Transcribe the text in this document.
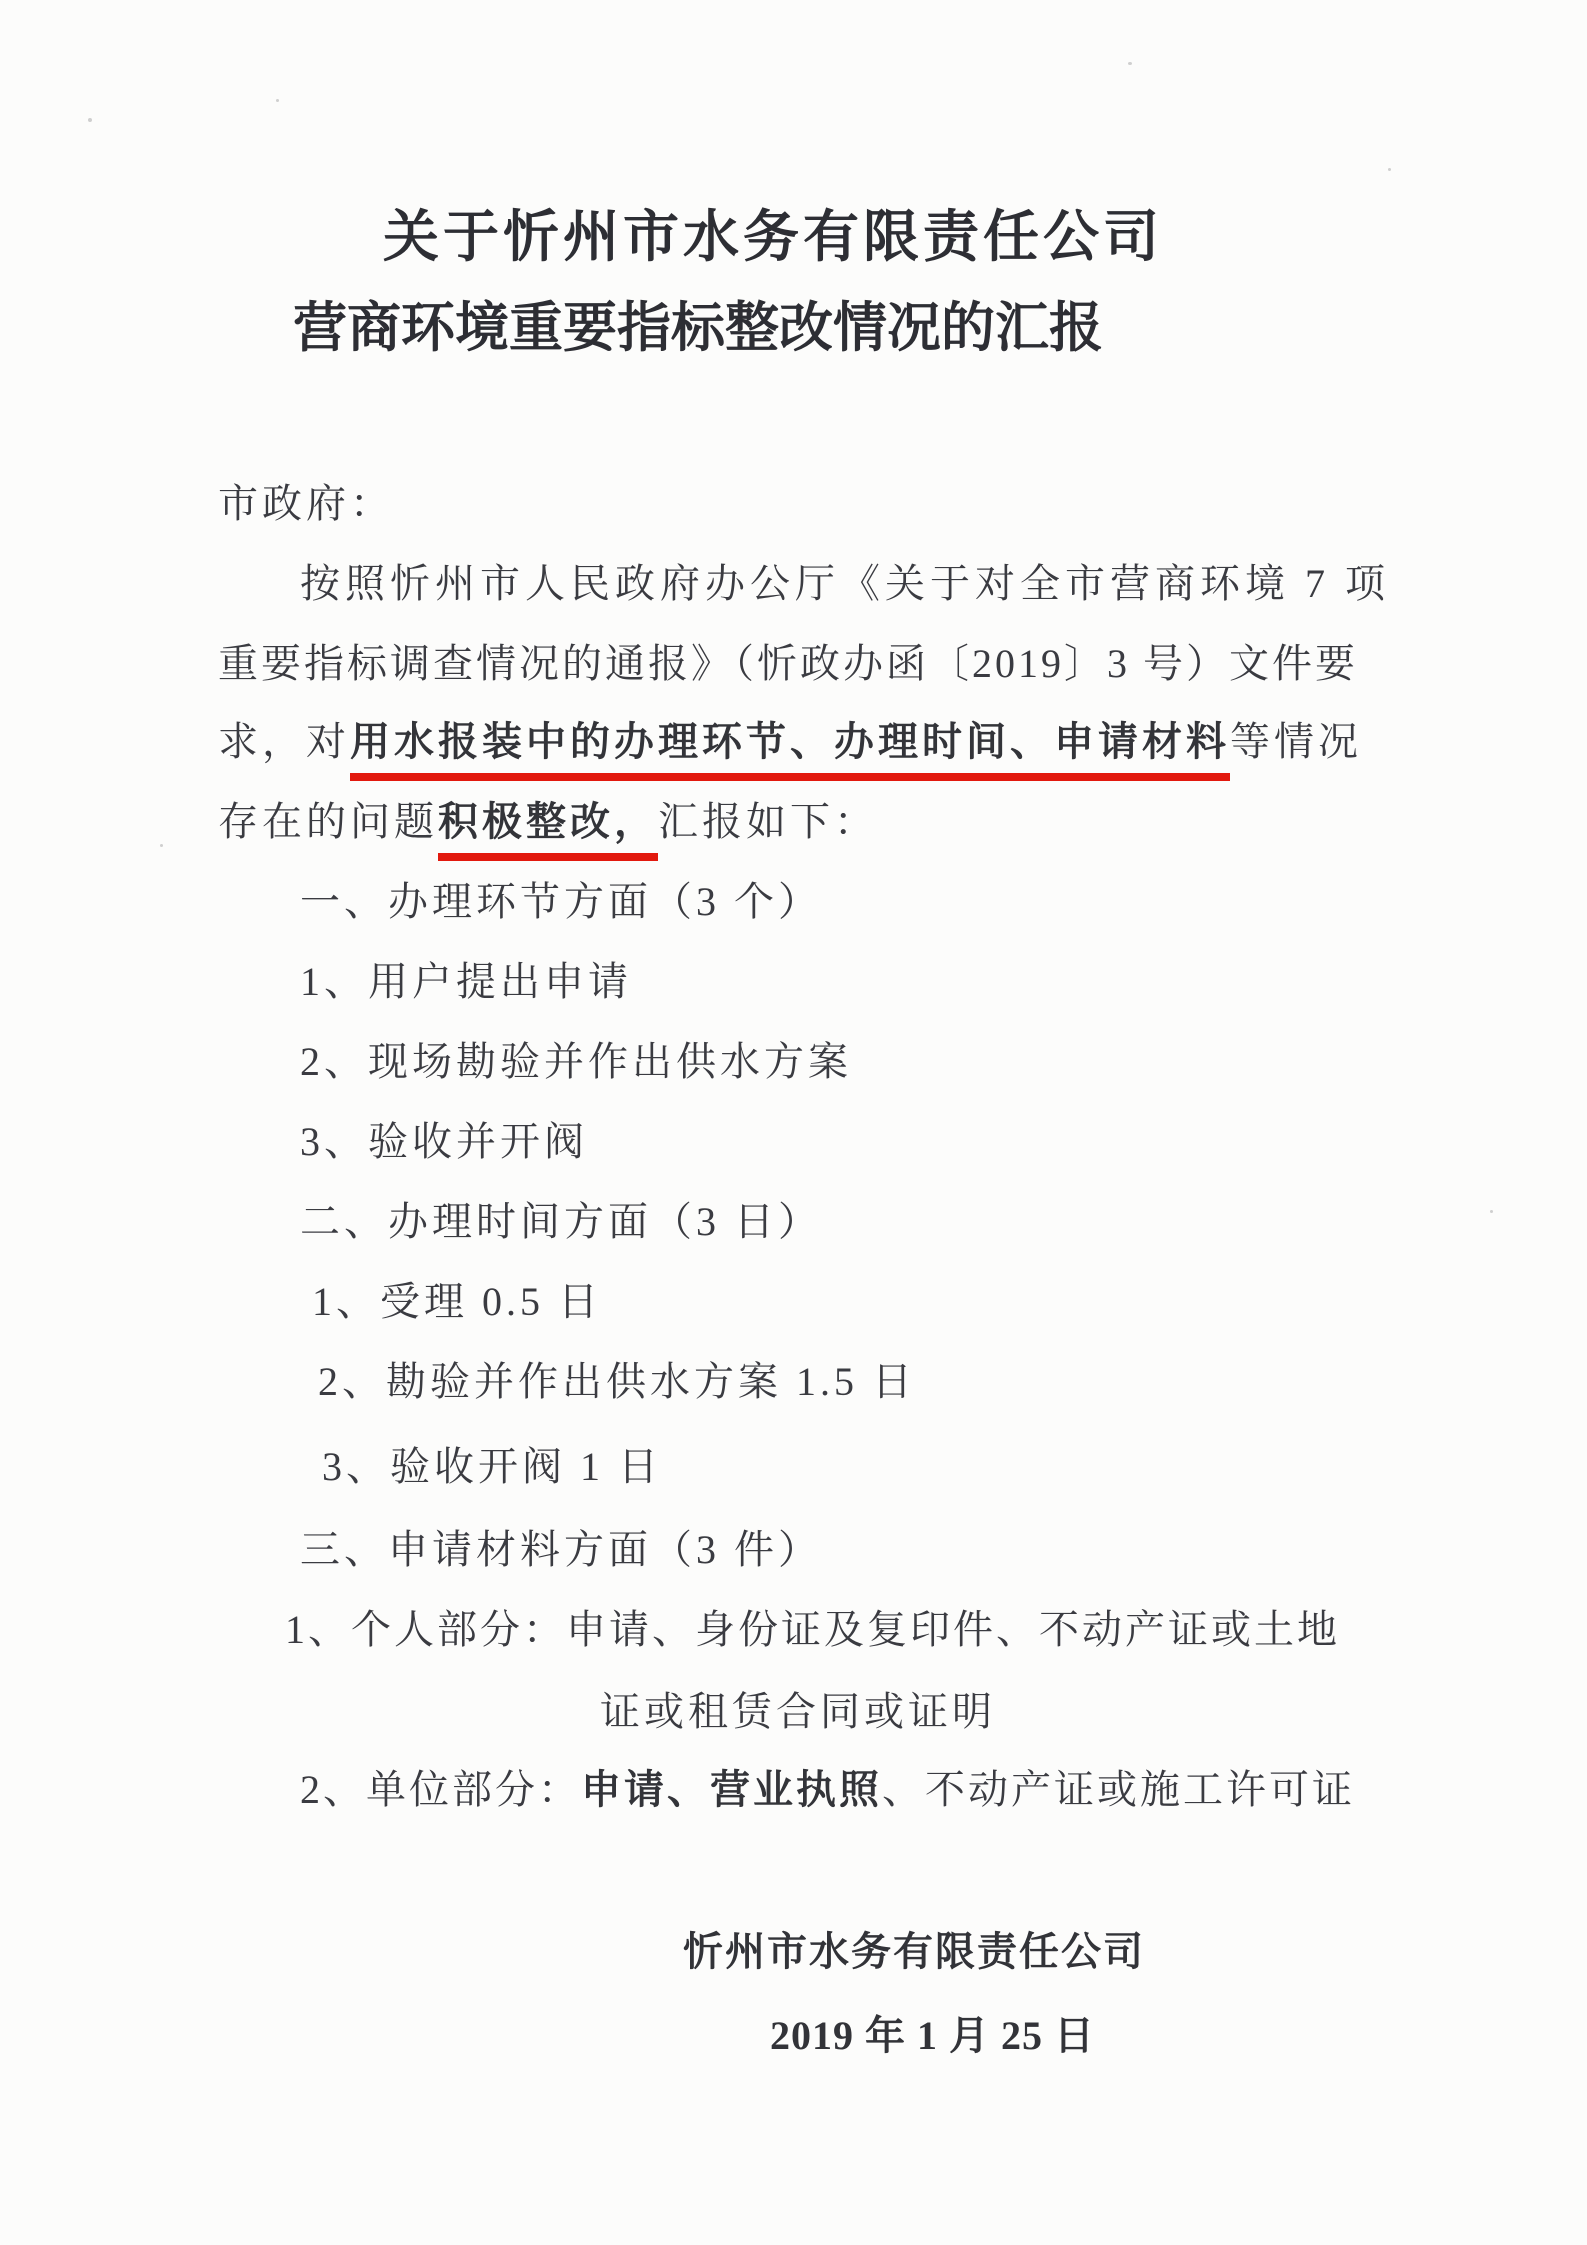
关于忻州市水务有限责任公司
营商环境重要指标整改情况的汇报
市政府：
按照忻州市人民政府办公厅《关于对全市营商环境 7 项
重要指标调查情况的通报》（忻政办函〔2019〕3 号）文件要
求，对用水报装中的办理环节、办理时间、申请材料等情况
存在的问题积极整改，汇报如下：
一、办理环节方面（3 个）
1、用户提出申请
2、现场勘验并作出供水方案
3、验收并开阀
二、办理时间方面（3 日）
1、受理 0.5 日
2、勘验并作出供水方案 1.5 日
3、验收开阀 1 日
三、申请材料方面（3 件）
1、个人部分：申请、身份证及复印件、不动产证或土地
证或租赁合同或证明
2、单位部分：申请、营业执照、不动产证或施工许可证
忻州市水务有限责任公司
2019 年 1 月 25 日
